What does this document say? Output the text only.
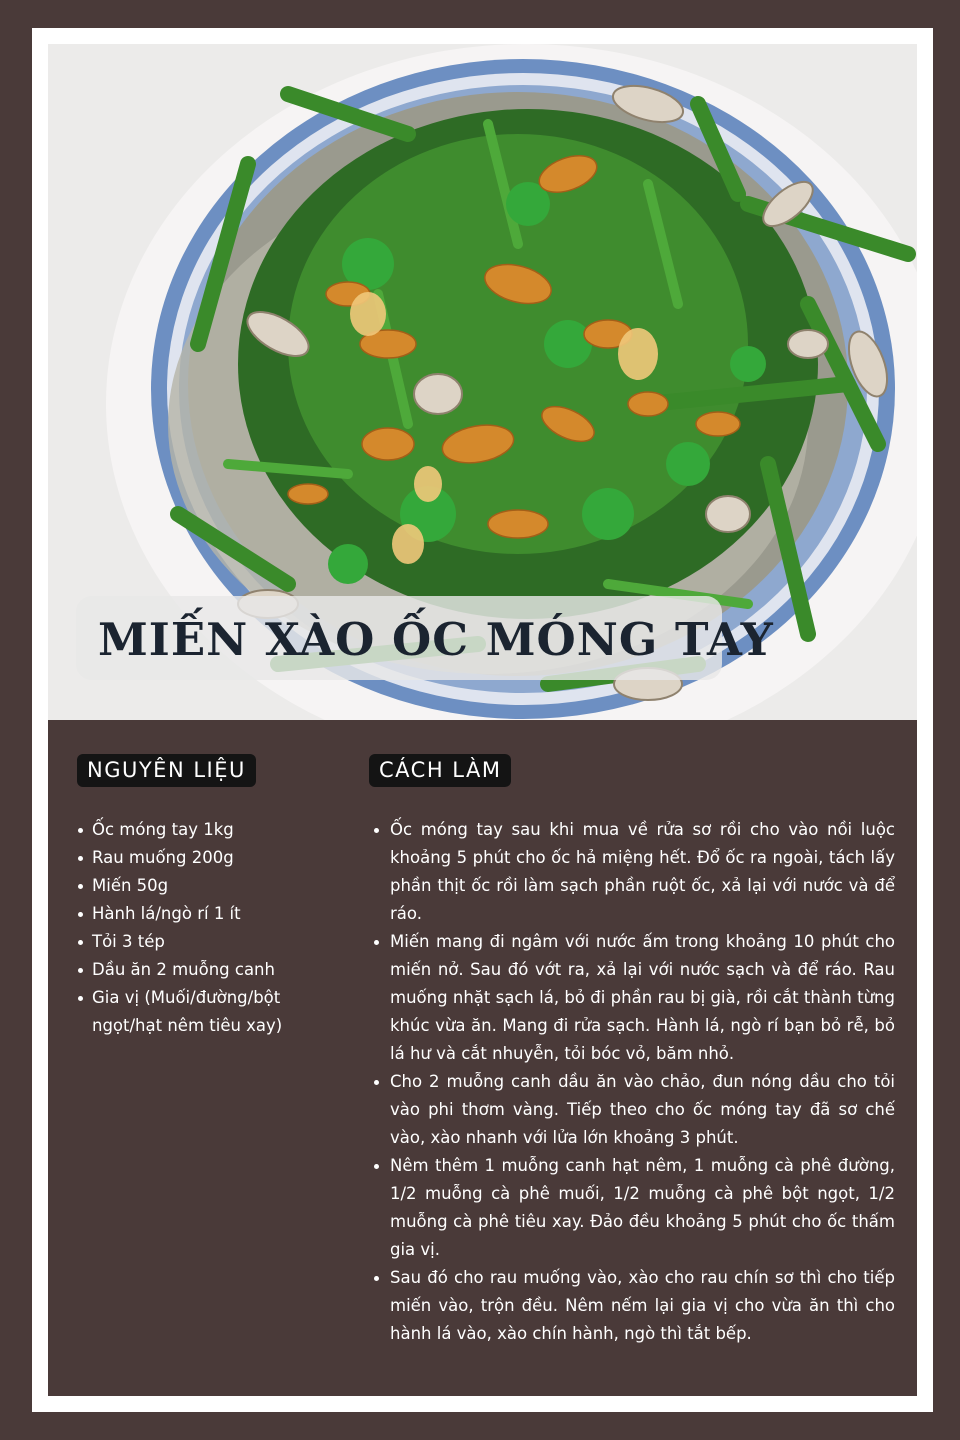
MIẾN XÀO ỐC MÓNG TAY
NGUYÊN LIỆU	CÁCH LÀM
Ốc móng tay 1kg
Rau muống 200g
Miến 50g
Hành lá/ngò rí 1 ít
Tỏi 3 tép
Dầu ăn 2 muỗng canh
Gia vị (Muối/đường/bột ngọt/hạt nêm tiêu xay)
Ốc móng tay sau khi mua về rửa sơ rồi cho vào nồi luộc khoảng 5 phút cho ốc hả miệng hết. Đổ ốc ra ngoài, tách lấy phần thịt ốc rồi làm sạch phần ruột ốc, xả lại với nước và để ráo.
Miến mang đi ngâm với nước ấm trong khoảng 10 phút cho miến nở. Sau đó vớt ra, xả lại với nước sạch và để ráo. Rau muống nhặt sạch lá, bỏ đi phần rau bị già, rồi cắt thành từng khúc vừa ăn. Mang đi rửa sạch. Hành lá, ngò rí bạn bỏ rễ, bỏ lá hư và cắt nhuyễn, tỏi bóc vỏ, băm nhỏ.
Cho 2 muỗng canh dầu ăn vào chảo, đun nóng dầu cho tỏi vào phi thơm vàng. Tiếp theo cho ốc móng tay đã sơ chế vào, xào nhanh với lửa lớn khoảng 3 phút.
Nêm thêm 1 muỗng canh hạt nêm, 1 muỗng cà phê đường, 1/2 muỗng cà phê muối, 1/2 muỗng cà phê bột ngọt, 1/2 muỗng cà phê tiêu xay. Đảo đều khoảng 5 phút cho ốc thấm gia vị.
Sau đó cho rau muống vào, xào cho rau chín sơ thì cho tiếp miến vào, trộn đều. Nêm nếm lại gia vị cho vừa ăn thì cho hành lá vào, xào chín hành, ngò thì tắt bếp.
